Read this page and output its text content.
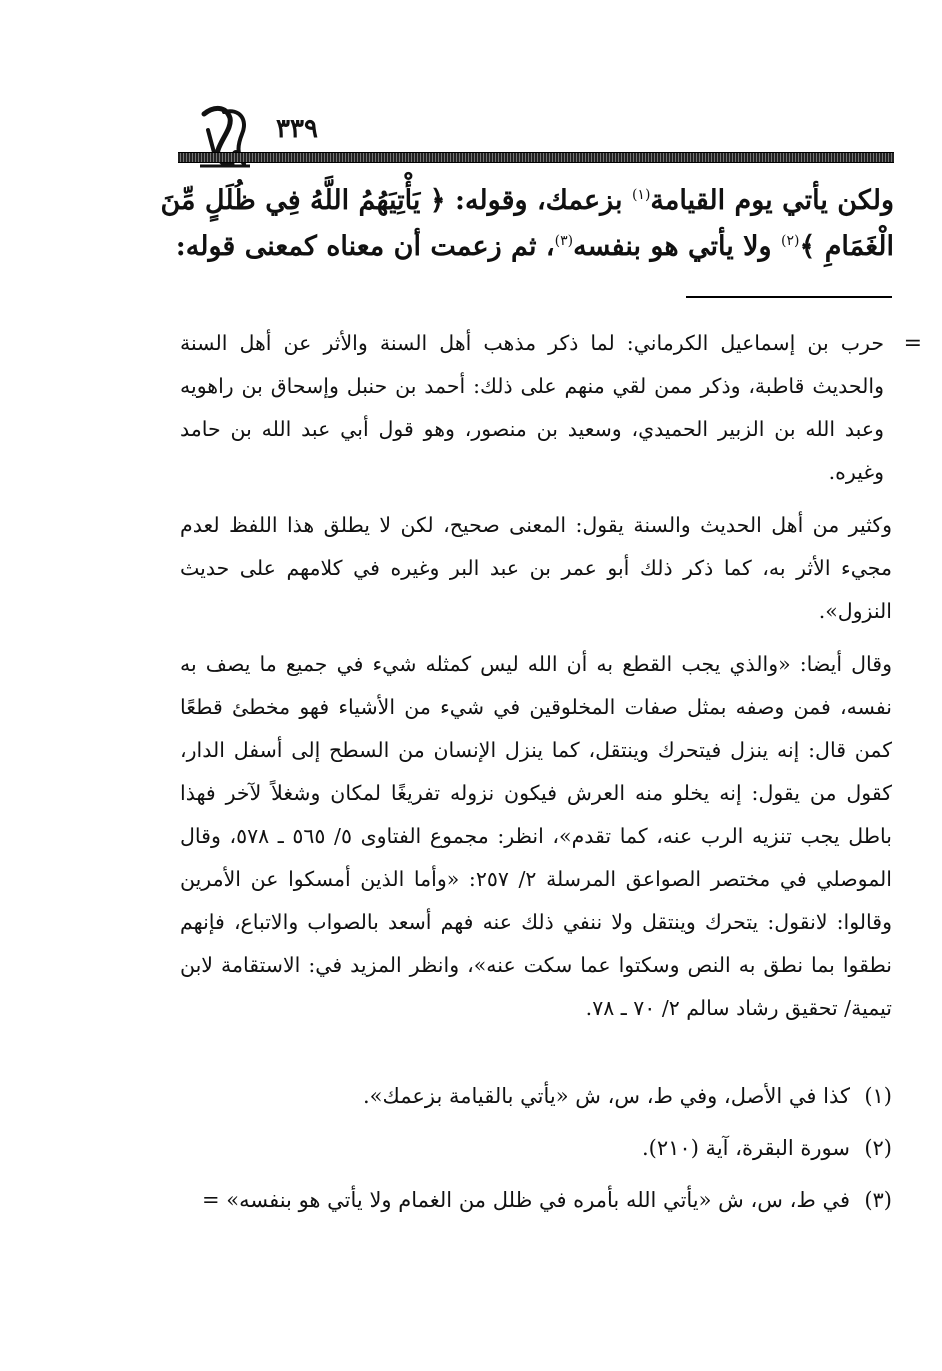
٣٣٩
ولكن يأتي يوم القيامة$^{(١)}$ بزعمك، وقوله: ﴿ يَأْتِيَهُمُ اللَّهُ فِي ظُلَلٍ مِّنَ
الْغَمَامِ ﴾$^{(٢)}$ ولا يأتي هو بنفسه$^{(٣)}$، ثم زعمت أن معناه كمعنى قوله:

=
حرب بن إسماعيل الكرماني: لما ذكر مذهب أهل السنة والأثر عن أهل السنة والحديث قاطبة، وذكر ممن لقي منهم على ذلك: أحمد بن حنبل وإسحاق بن راهويه وعبد الله بن الزبير الحميدي، وسعيد بن منصور، وهو قول أبي عبد الله بن حامد وغيره.

وكثير من أهل الحديث والسنة يقول: المعنى صحيح، لكن لا يطلق هذا اللفظ لعدم مجيء الأثر به، كما ذكر ذلك أبو عمر بن عبد البر وغيره في كلامهم على حديث النزول».

وقال أيضا: «والذي يجب القطع به أن الله ليس كمثله شيء في جميع ما يصف به نفسه، فمن وصفه بمثل صفات المخلوقين في شيء من الأشياء فهو مخطئ قطعًا كمن قال: إنه ينزل فيتحرك وينتقل، كما ينزل الإنسان من السطح إلى أسفل الدار، كقول من يقول: إنه يخلو منه العرش فيكون نزوله تفريغًا لمكان وشغلاً لآخر فهذا باطل يجب تنزيه الرب عنه، كما تقدم»، انظر: مجموع الفتاوى ٥/ ٥٦٥ ـ ٥٧٨، وقال الموصلي في مختصر الصواعق المرسلة ٢/ ٢٥٧: «وأما الذين أمسكوا عن الأمرين وقالوا: لانقول: يتحرك وينتقل ولا ننفي ذلك عنه فهم أسعد بالصواب والاتباع، فإنهم نطقوا بما نطق به النص وسكتوا عما سكت عنه»، وانظر المزيد في: الاستقامة لابن تيمية/ تحقيق رشاد سالم ٢/ ٧٠ ـ ٧٨.

(١)
كذا في الأصل، وفي ط، س، ش «يأتي بالقيامة بزعمك».
(٢)
سورة البقرة، آية (٢١٠).
(٣)
في ط، س، ش «يأتي الله بأمره في ظلل من الغمام ولا يأتي هو بنفسه» =
